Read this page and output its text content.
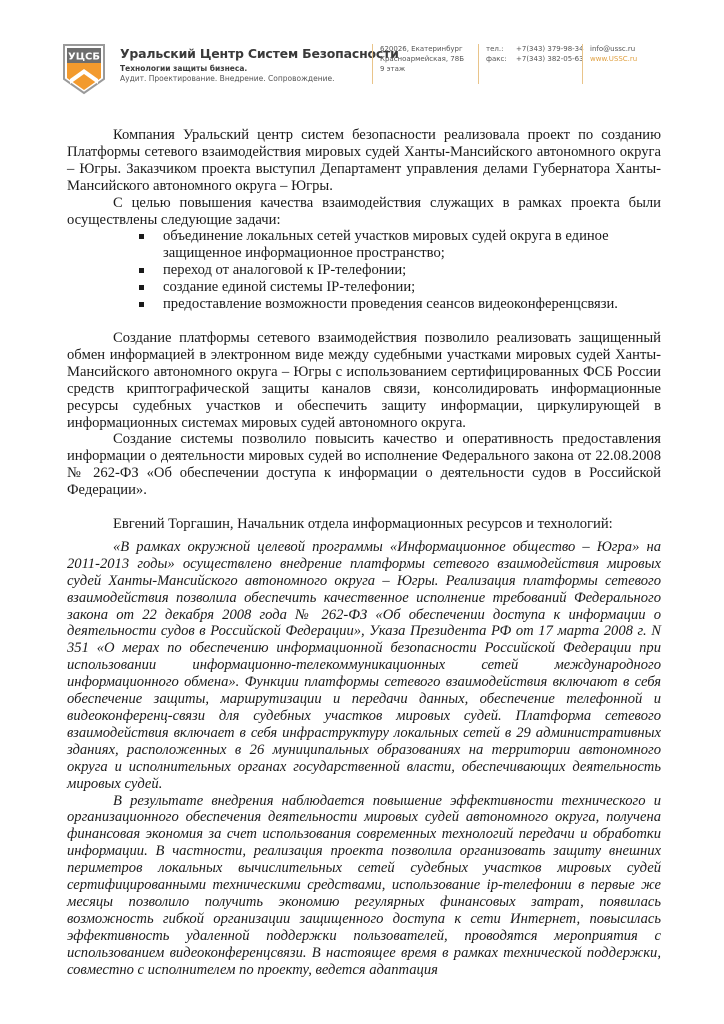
УЦСБ Уральский Центр Систем Безопасности
Технологии защиты бизнеса.
Аудит. Проектирование. Внедрение. Сопровождение.
620026, Екатеринбург
Красноармейская, 78Б
9 этаж
тел.: +7(343) 379-98-34
факс: +7(343) 382-05-63
info@ussc.ru
www.USSC.ru

Компания Уральский центр систем безопасности реализовала проект по созданию Платформы сетевого взаимодействия мировых судей Ханты-Мансийского автономного округа – Югры. Заказчиком проекта выступил Департамент управления делами Губернатора Ханты-Мансийского автономного округа – Югры.

С целью повышения качества взаимодействия служащих в рамках проекта были осуществлены следующие задачи:

объединение локальных сетей участков мировых судей округа в единое защищенное информационное пространство;
переход от аналоговой к IP-телефонии;
создание единой системы IP-телефонии;
предоставление возможности проведения сеансов видеоконференцсвязи.

Создание платформы сетевого взаимодействия позволило реализовать защищенный обмен информацией в электронном виде между судебными участками мировых судей Ханты-Мансийского автономного округа – Югры с использованием сертифицированных ФСБ России средств криптографической защиты каналов связи, консолидировать информационные ресурсы судебных участков и обеспечить защиту информации, циркулирующей в информационных системах мировых судей автономного округа.

Создание системы позволило повысить качество и оперативность предоставления информации о деятельности мировых судей во исполнение Федерального закона от 22.08.2008 № 262-ФЗ «Об обеспечении доступа к информации о деятельности судов в Российской Федерации».

Евгений Торгашин, Начальник отдела информационных ресурсов и технологий:

«В рамках окружной целевой программы «Информационное общество – Югра» на 2011-2013 годы» осуществлено внедрение платформы сетевого взаимодействия мировых судей Ханты-Мансийского автономного округа – Югры. Реализация платформы сетевого взаимодействия позволила обеспечить качественное исполнение требований Федерального закона от 22 декабря 2008 года № 262-ФЗ «Об обеспечении доступа к информации о деятельности судов в Российской Федерации», Указа Президента РФ от 17 марта 2008 г. N 351 «О мерах по обеспечению информационной безопасности Российской Федерации при использовании информационно-телекоммуникационных сетей международного информационного обмена». Функции платформы сетевого взаимодействия включают в себя обеспечение защиты, маршрутизации и передачи данных, обеспечение телефонной и видеоконференц-связи для судебных участков мировых судей. Платформа сетевого взаимодействия включает в себя инфраструктуру локальных сетей в 29 административных зданиях, расположенных в 26 муниципальных образованиях на территории автономного округа и исполнительных органах государственной власти, обеспечивающих деятельность мировых судей.

В результате внедрения наблюдается повышение эффективности технического и организационного обеспечения деятельности мировых судей автономного округа, получена финансовая экономия за счет использования современных технологий передачи и обработки информации. В частности, реализация проекта позволила организовать защиту внешних периметров локальных вычислительных сетей судебных участков мировых судей сертифицированными техническими средствами, использование ip-телефонии в первые же месяцы позволило получить экономию регулярных финансовых затрат, появилась возможность гибкой организации защищенного доступа к сети Интернет, повысилась эффективность удаленной поддержки пользователей, проводятся мероприятия с использованием видеоконференцсвязи. В настоящее время в рамках технической поддержки, совместно с исполнителем по проекту, ведется адаптация
